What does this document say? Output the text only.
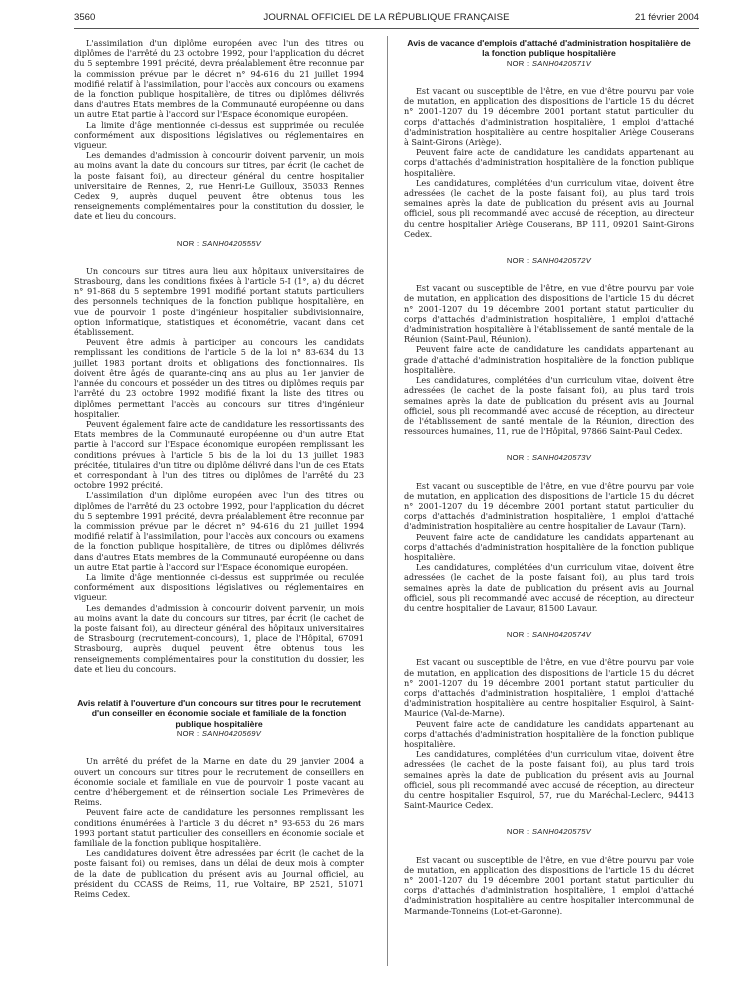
3560	JOURNAL OFFICIEL DE LA RÉPUBLIQUE FRANÇAISE	21 février 2004

L'assimilation d'un diplôme européen avec l'un des titres ou diplômes de l'arrêté du 23 octobre 1992, pour l'application du décret du 5 septembre 1991 précité, devra préalablement être reconnue par la commission prévue par le décret n° 94-616 du 21 juillet 1994 modifié relatif à l'assimilation, pour l'accès aux concours ou examens de la fonction publique hospitalière, de titres ou diplômes délivrés dans d'autres Etats membres de la Communauté européenne ou dans un autre Etat partie à l'accord sur l'Espace économique européen.

La limite d'âge mentionnée ci-dessus est supprimée ou reculée conformément aux dispositions législatives ou réglementaires en vigueur.

Les demandes d'admission à concourir doivent parvenir, un mois au moins avant la date du concours sur titres, par écrit (le cachet de la poste faisant foi), au directeur général du centre hospitalier universitaire de Rennes, 2, rue Henri-Le Guilloux, 35033 Rennes Cedex 9, auprès duquel peuvent être obtenus tous les renseignements complémentaires pour la constitution du dossier, le date et lieu du concours.

NOR : SANH0420555V

Un concours sur titres aura lieu aux hôpitaux universitaires de Strasbourg, dans les conditions fixées à l'article 5-I (1°, a) du décret n° 91-868 du 5 septembre 1991 modifié portant statuts particuliers des personnels techniques de la fonction publique hospitalière, en vue de pourvoir 1 poste d'ingénieur hospitalier subdivisionnaire, option informatique, statistiques et économétrie, vacant dans cet établissement.

Peuvent être admis à participer au concours les candidats remplissant les conditions de l'article 5 de la loi n° 83-634 du 13 juillet 1983 portant droits et obligations des fonctionnaires. Ils doivent être âgés de quarante-cinq ans au plus au 1er janvier de l'année du concours et posséder un des titres ou diplômes requis par l'arrêté du 23 octobre 1992 modifié fixant la liste des titres ou diplômes permettant l'accès au concours sur titres d'ingénieur hospitalier.

Peuvent également faire acte de candidature les ressortissants des Etats membres de la Communauté européenne ou d'un autre Etat partie à l'accord sur l'Espace économique européen remplissant les conditions prévues à l'article 5 bis de la loi du 13 juillet 1983 précitée, titulaires d'un titre ou diplôme délivré dans l'un de ces Etats et correspondant à l'un des titres ou diplômes de l'arrêté du 23 octobre 1992 précité.

L'assimilation d'un diplôme européen avec l'un des titres ou diplômes de l'arrêté du 23 octobre 1992, pour l'application du décret du 5 septembre 1991 précité, devra préalablement être reconnue par la commission prévue par le décret n° 94-616 du 21 juillet 1994 modifié relatif à l'assimilation, pour l'accès aux concours ou examens de la fonction publique hospitalière, de titres ou diplômes délivrés dans d'autres Etats membres de la Communauté européenne ou dans un autre Etat partie à l'accord sur l'Espace économique européen.

La limite d'âge mentionnée ci-dessus est supprimée ou reculée conformément aux dispositions législatives ou réglementaires en vigueur.

Les demandes d'admission à concourir doivent parvenir, un mois au moins avant la date du concours sur titres, par écrit (le cachet de la poste faisant foi), au directeur général des hôpitaux universitaires de Strasbourg (recrutement-concours), 1, place de l'Hôpital, 67091 Strasbourg, auprès duquel peuvent être obtenus tous les renseignements complémentaires pour la constitution du dossier, les date et lieu du concours.

Avis relatif à l'ouverture d'un concours sur titres pour le recrutement d'un conseiller en économie sociale et familiale de la fonction publique hospitalière

NOR : SANH0420569V

Un arrêté du préfet de la Marne en date du 29 janvier 2004 a ouvert un concours sur titres pour le recrutement de conseillers en économie sociale et familiale en vue de pourvoir 1 poste vacant au centre d'hébergement et de réinsertion sociale Les Primevères de Reims.

Peuvent faire acte de candidature les personnes remplissant les conditions énumérées à l'article 3 du décret n° 93-653 du 26 mars 1993 portant statut particulier des conseillers en économie sociale et familiale de la fonction publique hospitalière.

Les candidatures doivent être adressées par écrit (le cachet de la poste faisant foi) ou remises, dans un délai de deux mois à compter de la date de publication du présent avis au Journal officiel, au président du CCASS de Reims, 11, rue Voltaire, BP 2521, 51071 Reims Cedex.

Avis de vacance d'emplois d'attaché d'administration hospitalière de la fonction publique hospitalière

NOR : SANH0420571V

Est vacant ou susceptible de l'être, en vue d'être pourvu par voie de mutation, en application des dispositions de l'article 15 du décret n° 2001-1207 du 19 décembre 2001 portant statut particulier du corps d'attachés d'administration hospitalière, 1 emploi d'attaché d'administration hospitalière au centre hospitalier Ariège Couserans à Saint-Girons (Ariège).

Peuvent faire acte de candidature les candidats appartenant au corps d'attachés d'administration hospitalière de la fonction publique hospitalière.

Les candidatures, complétées d'un curriculum vitae, doivent être adressées (le cachet de la poste faisant foi), au plus tard trois semaines après la date de publication du présent avis au Journal officiel, sous pli recommandé avec accusé de réception, au directeur du centre hospitalier Ariège Couserans, BP 111, 09201 Saint-Girons Cedex.

NOR : SANH0420572V

Est vacant ou susceptible de l'être, en vue d'être pourvu par voie de mutation, en application des dispositions de l'article 15 du décret n° 2001-1207 du 19 décembre 2001 portant statut particulier du corps d'attachés d'administration hospitalière, 1 emploi d'attaché d'administration hospitalière à l'établissement de santé mentale de la Réunion (Saint-Paul, Réunion).

Peuvent faire acte de candidature les candidats appartenant au grade d'attaché d'administration hospitalière de la fonction publique hospitalière.

Les candidatures, complétées d'un curriculum vitae, doivent être adressées (le cachet de la poste faisant foi), au plus tard trois semaines après la date de publication du présent avis au Journal officiel, sous pli recommandé avec accusé de réception, au directeur de l'établissement de santé mentale de la Réunion, direction des ressources humaines, 11, rue de l'Hôpital, 97866 Saint-Paul Cedex.

NOR : SANH0420573V

Est vacant ou susceptible de l'être, en vue d'être pourvu par voie de mutation, en application des dispositions de l'article 15 du décret n° 2001-1207 du 19 décembre 2001 portant statut particulier du corps d'attachés d'administration hospitalière, 1 emploi d'attaché d'administration hospitalière au centre hospitalier de Lavaur (Tarn).

Peuvent faire acte de candidature les candidats appartenant au corps d'attachés d'administration hospitalière de la fonction publique hospitalière.

Les candidatures, complétées d'un curriculum vitae, doivent être adressées (le cachet de la poste faisant foi), au plus tard trois semaines après la date de publication du présent avis au Journal officiel, sous pli recommandé avec accusé de réception, au directeur du centre hospitalier de Lavaur, 81500 Lavaur.

NOR : SANH0420574V

Est vacant ou susceptible de l'être, en vue d'être pourvu par voie de mutation, en application des dispositions de l'article 15 du décret n° 2001-1207 du 19 décembre 2001 portant statut particulier du corps d'attachés d'administration hospitalière, 1 emploi d'attaché d'administration hospitalière au centre hospitalier Esquirol, à Saint-Maurice (Val-de-Marne).

Peuvent faire acte de candidature les candidats appartenant au corps d'attachés d'administration hospitalière de la fonction publique hospitalière.

Les candidatures, complétées d'un curriculum vitae, doivent être adressées (le cachet de la poste faisant foi), au plus tard trois semaines après la date de publication du présent avis au Journal officiel, sous pli recommandé avec accusé de réception, au directeur du centre hospitalier Esquirol, 57, rue du Maréchal-Leclerc, 94413 Saint-Maurice Cedex.

NOR : SANH0420575V

Est vacant ou susceptible de l'être, en vue d'être pourvu par voie de mutation, en application des dispositions de l'article 15 du décret n° 2001-1207 du 19 décembre 2001 portant statut particulier du corps d'attachés d'administration hospitalière, 1 emploi d'attaché d'administration hospitalière au centre hospitalier intercommunal de Marmande-Tonneins (Lot-et-Garonne).
